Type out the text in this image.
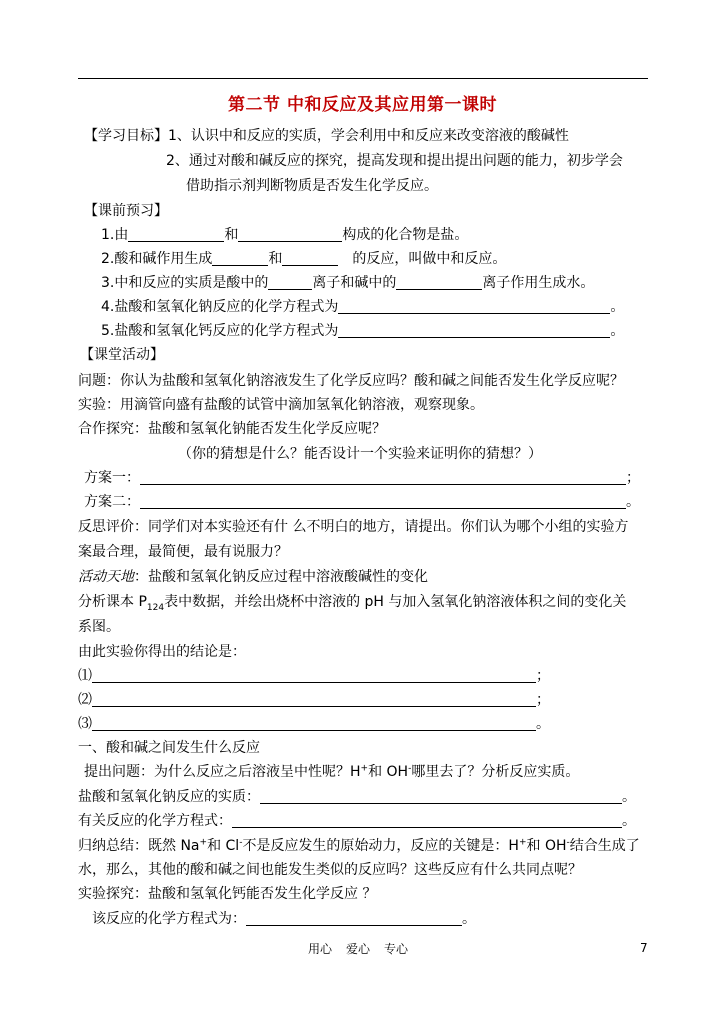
第二节 中和反应及其应用第一课时
【学习目标】1、认识中和反应的实质，学会利用中和反应来改变溶液的酸碱性
2、通过对酸和碱反应的探究，提高发现和提出提出问题的能力，初步学会
借助指示剂判断物质是否发生化学反应。
【课前预习】
1.由	和	构成的化合物是盐。
2.酸和碱作用生成	和	的反应，叫做中和反应。
3.中和反应的实质是酸中的	离子和碱中的	离子作用生成水。
4.盐酸和氢氧化钠反应的化学方程式为	。
5.盐酸和氢氧化钙反应的化学方程式为	。
【课堂活动】
问题：你认为盐酸和氢氧化钠溶液发生了化学反应吗？酸和碱之间能否发生化学反应呢？
实验：用滴管向盛有盐酸的试管中滴加氢氧化钠溶液，观察现象。
合作探究：盐酸和氢氧化钠能否发生化学反应呢？
（你的猜想是什么？能否设计一个实验来证明你的猜想？）
方案一：	；
方案二：	。
反思评价：同学们对本实验还有什 么不明白的地方，请提出。你们认为哪个小组的实验方
案最合理，最简便，最有说服力？
活动天地：盐酸和氢氧化钠反应过程中溶液酸碱性的变化
分析课本 $P_{124}$表中数据，并绘出烧杯中溶液的 pH 与加入氢氧化钠溶液体积之间的变化关
系图。
由此实验你得出的结论是：
⑴	；
⑵	；
⑶	。
一、酸和碱之间发生什么反应
提出问题：为什么反应之后溶液呈中性呢？H+和 OH-哪里去了？分析反应实质。
盐酸和氢氧化钠反应的实质：	。
有关反应的化学方程式：	。
归纳总结：既然 Na+和 Cl-不是反应发生的原始动力，反应的关键是：H+和 OH-结合生成了
水，那么，其他的酸和碱之间也能发生类似的反应吗？这些反应有什么共同点呢？
实验探究：盐酸和氢氧化钙能否发生化学反应 ？
该反应的化学方程式为：	。
用心 爱心 专心	7
